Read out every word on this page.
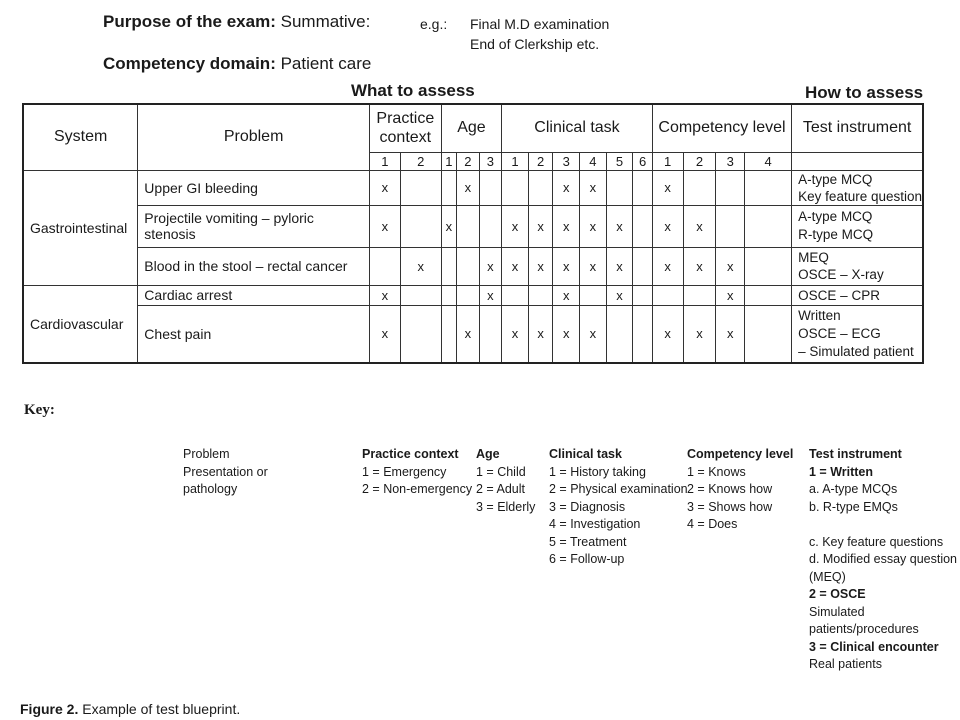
Purpose of the exam: Summative:	e.g.: Final M.D examination
End of Clerkship etc.
Competency domain: Patient care
What to assess	How to assess
System	Problem	Practice
context		Age			Clinical task						Competency level				Test instrument
		1	2	1	2	3	1	2	3	4	5	6	1	2	3	4	
Gastrointestinal	Upper GI bleeding	x			x				x	x			x				A-type MCQ
Key feature question
	Projectile vomiting – pyloric stenosis	x		x			x	x	x	x	x		x	x			A-type MCQ
R-type MCQ
	Blood in the stool – rectal cancer		x			x	x	x	x	x	x		x	x	x		MEQ
OSCE – X-ray
Cardiovascular	Cardiac arrest	x				x			x		x				x		OSCE – CPR
	Chest pain	x			x		x	x	x	x			x	x	x		Written
OSCE – ECG
– Simulated patient
Key:
Problem
Presentation or
pathology
Practice context
1 = Emergency
2 = Non-emergency
Age
1 = Child
2 = Adult
3 = Elderly
Clinical task
1 = History taking
2 = Physical examination
3 = Diagnosis
4 = Investigation
5 = Treatment
6 = Follow-up
Competency level
1 = Knows
2 = Knows how
3 = Shows how
4 = Does
Test instrument
1 = Written
a. A-type MCQs
b. R-type EMQs
c. Key feature questions
d. Modified essay question
(MEQ)
2 = OSCE
Simulated
patients/procedures
3 = Clinical encounter
Real patients
Figure 2. Example of test blueprint.
